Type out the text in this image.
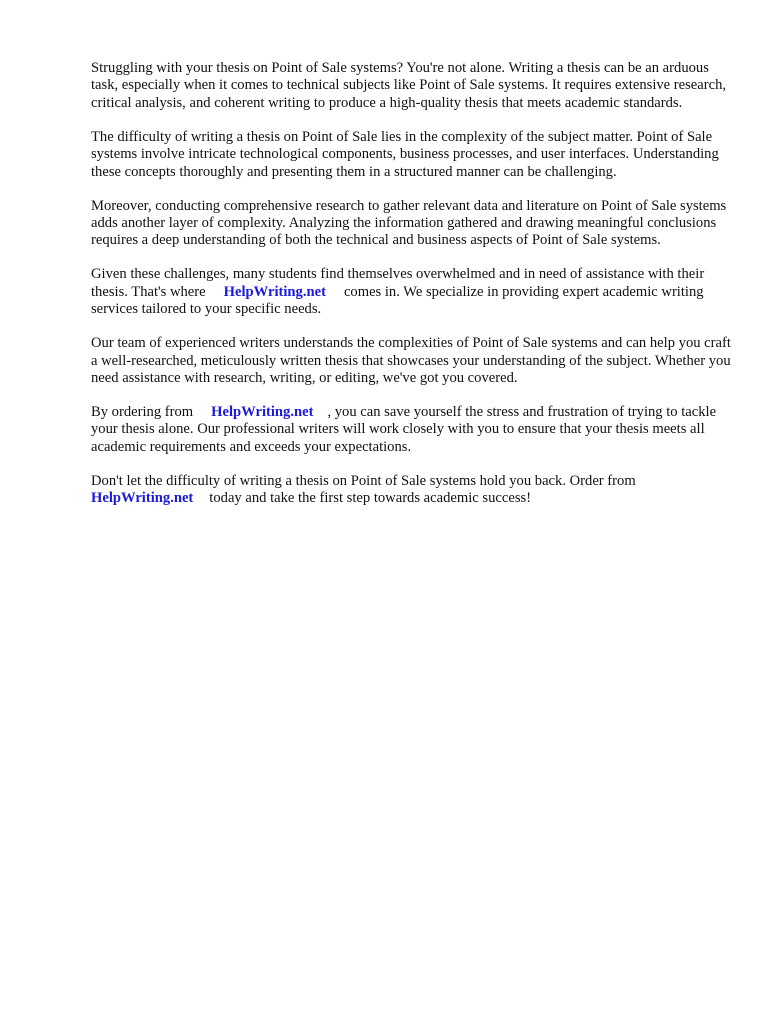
Struggling with your thesis on Point of Sale systems? You're not alone. Writing a thesis can be an arduous task, especially when it comes to technical subjects like Point of Sale systems. It requires extensive research, critical analysis, and coherent writing to produce a high-quality thesis that meets academic standards.

The difficulty of writing a thesis on Point of Sale lies in the complexity of the subject matter. Point of Sale systems involve intricate technological components, business processes, and user interfaces. Understanding these concepts thoroughly and presenting them in a structured manner can be challenging.

Moreover, conducting comprehensive research to gather relevant data and literature on Point of Sale systems adds another layer of complexity. Analyzing the information gathered and drawing meaningful conclusions requires a deep understanding of both the technical and business aspects of Point of Sale systems.

Given these challenges, many students find themselves overwhelmed and in need of assistance with their thesis. That's where HelpWriting.net comes in. We specialize in providing expert academic writing services tailored to your specific needs.

Our team of experienced writers understands the complexities of Point of Sale systems and can help you craft a well-researched, meticulously written thesis that showcases your understanding of the subject. Whether you need assistance with research, writing, or editing, we've got you covered.

By ordering from HelpWriting.net , you can save yourself the stress and frustration of trying to tackle your thesis alone. Our professional writers will work closely with you to ensure that your thesis meets all academic requirements and exceeds your expectations.

Don't let the difficulty of writing a thesis on Point of Sale systems hold you back. Order from HelpWriting.net today and take the first step towards academic success!
